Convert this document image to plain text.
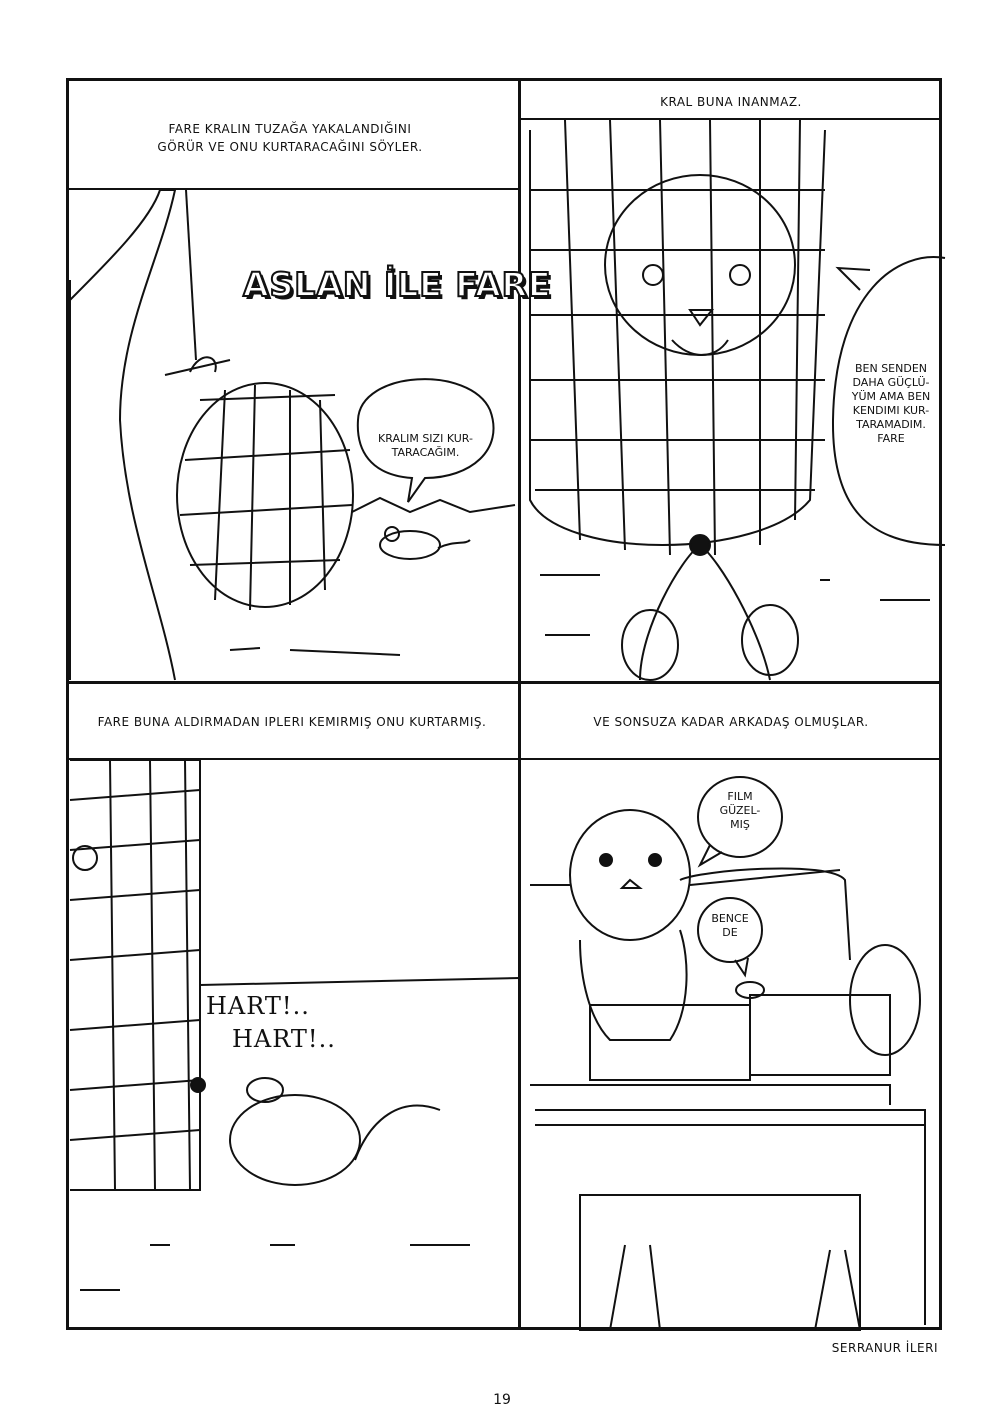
FARE KRALIN TUZAĞA YAKALANDIĞINI
GÖRÜR VE ONU KURTARACAĞINI SÖYLER.
KRAL BUNA INANMAZ.
FARE BUNA ALDIRMADAN IPLERI KEMIRMIŞ ONU KURTARMIŞ.	VE SONSUZA KADAR ARKADAŞ OLMUŞLAR.
ASLAN İLE FARE
KRALIM SIZI KUR-
TARACAĞIM.
BEN SENDEN
DAHA GÜÇLÜ-
YÜM AMA BEN
KENDIMI KUR-
TARAMADIM.
FARE
FILM
GÜZEL-
MIŞ
BENCE
DE
HART!..
HART!..
SERRANUR İLERI
19
